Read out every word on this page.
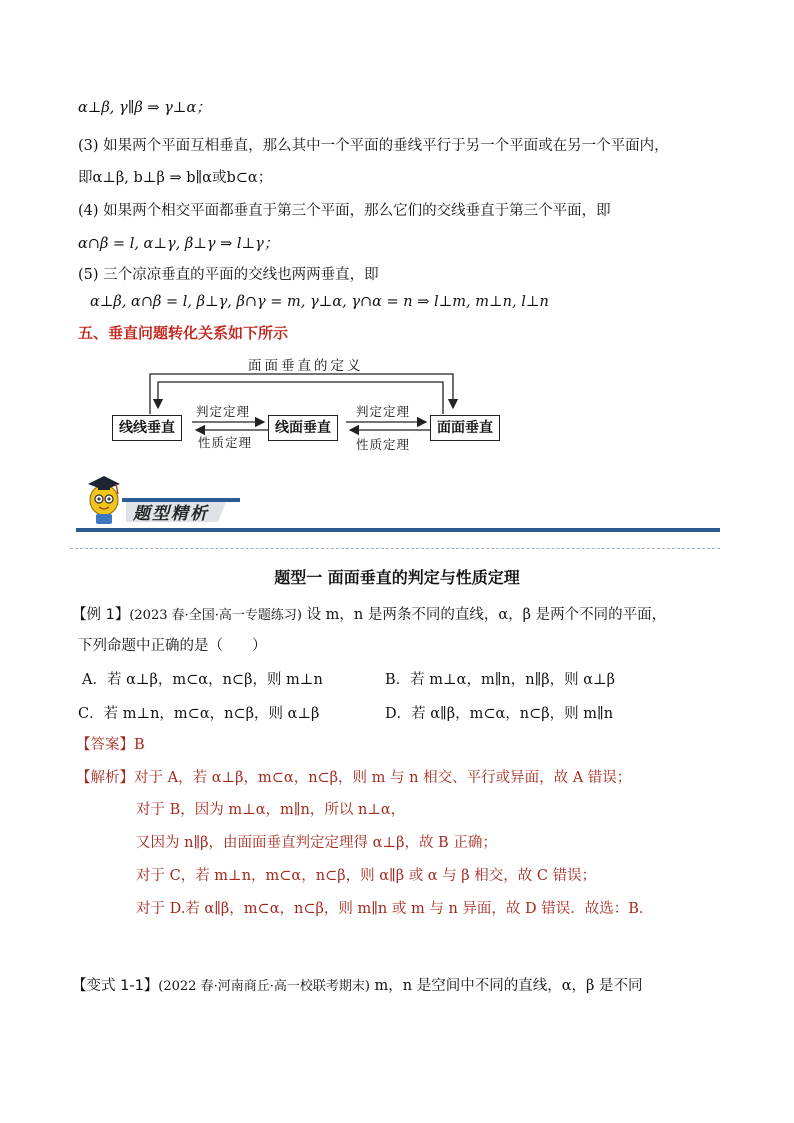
α⊥β, γ∥β ⇒ γ⊥α；
(3) 如果两个平面互相垂直，那么其中一个平面的垂线平行于另一个平面或在另一个平面内，
即α⊥β, b⊥β ⇒ b∥α或b⊂α；
(4) 如果两个相交平面都垂直于第三个平面，那么它们的交线垂直于第三个平面，即
α∩β = l, α⊥γ, β⊥γ ⇒ l⊥γ；
(5) 三个凉凉垂直的平面的交线也两两垂直，即
α⊥β, α∩β = l, β⊥γ, β∩γ = m, γ⊥α, γ∩α = n ⇒ l⊥m, m⊥n, l⊥n
五、垂直问题转化关系如下所示
面面垂直的定义
线线垂直	线面垂直	面面垂直
判定定理
性质定理
判定定理
性质定理
题型精析
题型一 面面垂直的判定与性质定理
【例 1】(2023 春·全国·高一专题练习) 设 m，n 是两条不同的直线，α，β 是两个不同的平面，
下列命题中正确的是（　　）
A．若 α⊥β，m⊂α，n⊂β，则 m⊥n	B．若 m⊥α，m∥n，n∥β，则 α⊥β
C．若 m⊥n，m⊂α，n⊂β，则 α⊥β	D．若 α∥β，m⊂α，n⊂β，则 m∥n
【答案】B
【解析】对于 A，若 α⊥β，m⊂α，n⊂β，则 m 与 n 相交、平行或异面，故 A 错误；
对于 B，因为 m⊥α，m∥n，所以 n⊥α，
又因为 n∥β，由面面垂直判定定理得 α⊥β，故 B 正确；
对于 C，若 m⊥n，m⊂α，n⊂β，则 α∥β 或 α 与 β 相交，故 C 错误；
对于 D.若 α∥β，m⊂α，n⊂β，则 m∥n 或 m 与 n 异面，故 D 错误．故选：B．
【变式 1-1】(2022 春·河南商丘·高一校联考期末) m，n 是空间中不同的直线，α，β 是不同
